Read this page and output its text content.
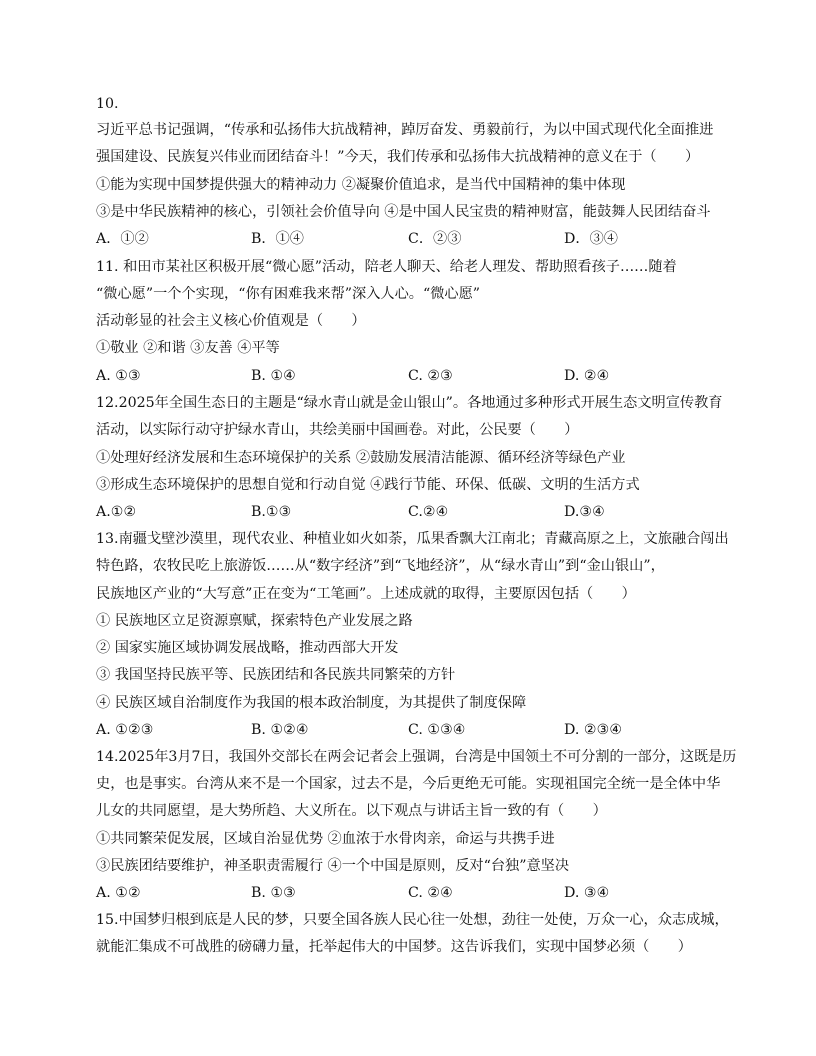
10.
习近平总书记强调，“传承和弘扬伟大抗战精神，踔厉奋发、勇毅前行，为以中国式现代化全面推进
强国建设、民族复兴伟业而团结奋斗！”今天，我们传承和弘扬伟大抗战精神的意义在于（　　）
①能为实现中国梦提供强大的精神动力 ②凝聚价值追求，是当代中国精神的集中体现
③是中华民族精神的核心，引领社会价值导向 ④是中国人民宝贵的精神财富，能鼓舞人民团结奋斗
A．①②	B．①④	C．②③	D．③④
11. 和田市某社区积极开展“微心愿”活动，陪老人聊天、给老人理发、帮助照看孩子……随着
“微心愿”一个个实现，“你有困难我来帮”深入人心。“微心愿”
活动彰显的社会主义核心价值观是（　　）
①敬业 ②和谐 ③友善 ④平等
A. ①③	B. ①④	C. ②③	D. ②④
12.2025年全国生态日的主题是“绿水青山就是金山银山”。各地通过多种形式开展生态文明宣传教育
活动，以实际行动守护绿水青山，共绘美丽中国画卷。对此，公民要（　　）
①处理好经济发展和生态环境保护的关系 ②鼓励发展清洁能源、循环经济等绿色产业
③形成生态环境保护的思想自觉和行动自觉 ④践行节能、环保、低碳、文明的生活方式
A.①②	B.①③	C.②④	D.③④
13.南疆戈壁沙漠里，现代农业、种植业如火如荼，瓜果香飘大江南北；青藏高原之上，文旅融合闯出
特色路，农牧民吃上旅游饭……从“数字经济”到“飞地经济”，从“绿水青山”到“金山银山”，
民族地区产业的“大写意”正在变为“工笔画”。上述成就的取得，主要原因包括（　　）
① 民族地区立足资源禀赋，探索特色产业发展之路
② 国家实施区域协调发展战略，推动西部大开发
③ 我国坚持民族平等、民族团结和各民族共同繁荣的方针
④ 民族区域自治制度作为我国的根本政治制度，为其提供了制度保障
A. ①②③	B. ①②④	C. ①③④	D. ②③④
14.2025年3月7日，我国外交部长在两会记者会上强调，台湾是中国领土不可分割的一部分，这既是历
史，也是事实。台湾从来不是一个国家，过去不是，今后更绝无可能。实现祖国完全统一是全体中华
儿女的共同愿望，是大势所趋、大义所在。以下观点与讲话主旨一致的有（　　）
①共同繁荣促发展，区域自治显优势 ②血浓于水骨肉亲，命运与共携手进
③民族团结要维护，神圣职责需履行 ④一个中国是原则，反对“台独”意坚决
A. ①②	B. ①③	C. ②④	D. ③④
15.中国梦归根到底是人民的梦，只要全国各族人民心往一处想，劲往一处使，万众一心，众志成城，
就能汇集成不可战胜的磅礴力量，托举起伟大的中国梦。这告诉我们，实现中国梦必须（　　）
